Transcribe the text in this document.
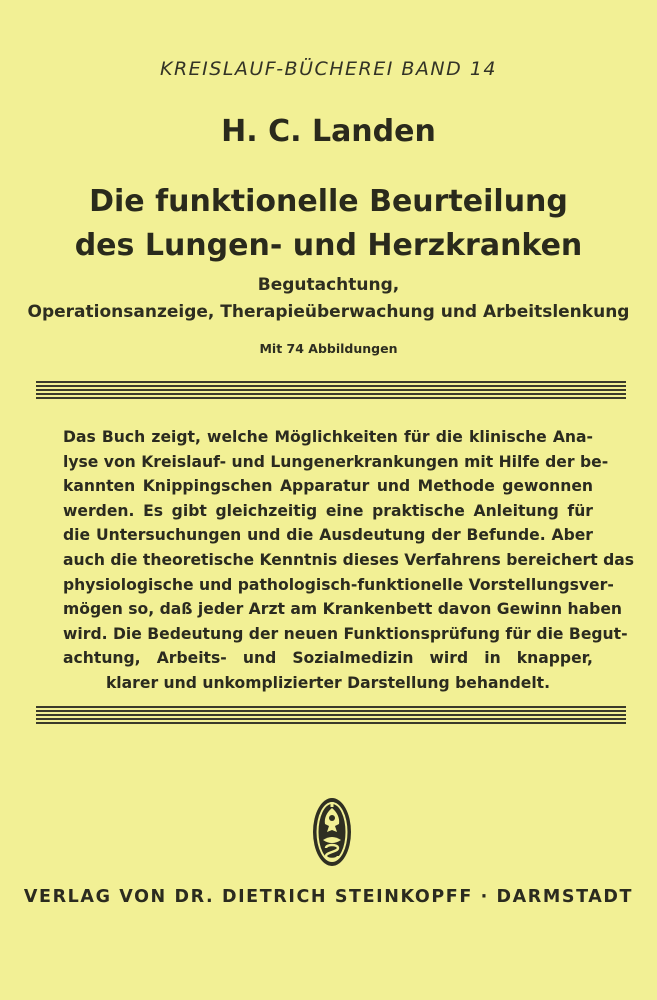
KREISLAUF-BÜCHEREI BAND 14
H. C. Landen
Die funktionelle Beurteilung
des Lungen- und Herzkranken
Begutachtung,
Operationsanzeige, Therapieüberwachung und Arbeitslenkung
Mit 74 Abbildungen
Das Buch zeigt, welche Möglichkeiten für die klinische Ana-
lyse von Kreislauf- und Lungenerkrankungen mit Hilfe der be-
kannten Knippingschen Apparatur und Methode gewonnen
werden. Es gibt gleichzeitig eine praktische Anleitung für
die Untersuchungen und die Ausdeutung der Befunde. Aber
auch die theoretische Kenntnis dieses Verfahrens bereichert das
physiologische und pathologisch-funktionelle Vorstellungsver-
mögen so, daß jeder Arzt am Krankenbett davon Gewinn haben
wird. Die Bedeutung der neuen Funktionsprüfung für die Begut-
achtung, Arbeits- und Sozialmedizin wird in knapper,
klarer und unkomplizierter Darstellung behandelt.
VERLAG VON DR. DIETRICH STEINKOPFF · DARMSTADT
